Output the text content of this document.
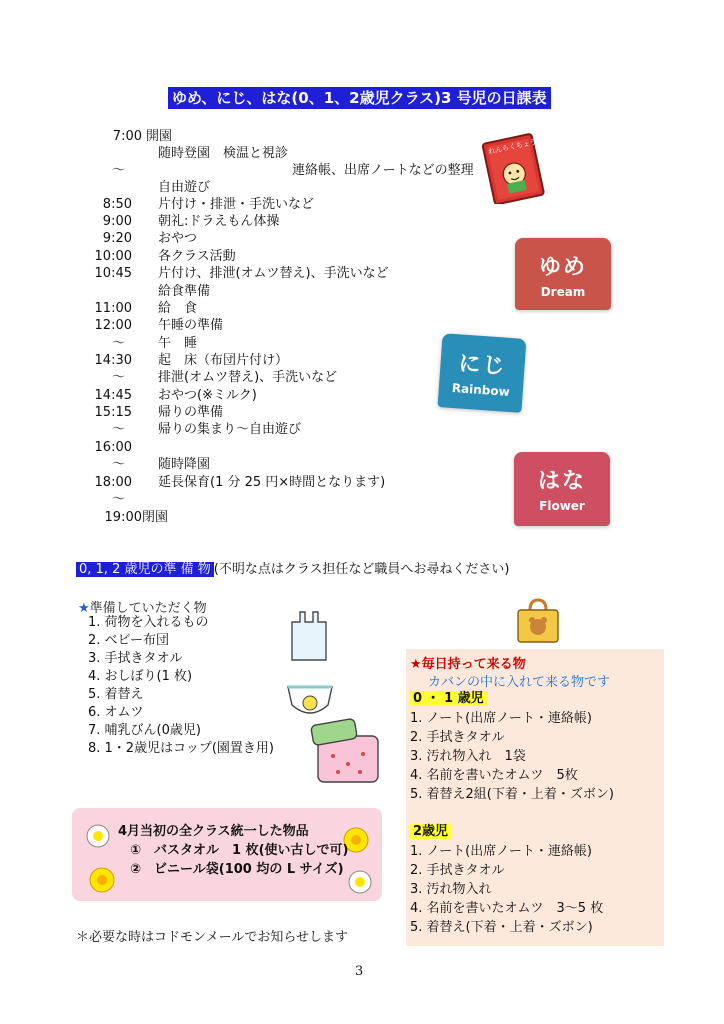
ゆめ、にじ、はな(0、1、2歳児クラス)3 号児の日課表
7:00 開園
随時登園　検温と視診
～	連絡帳、出席ノートなどの整理
自由遊び
8:50 片付け・排泄・手洗いなど
9:00 朝礼:ドラえもん体操
9:20 おやつ
10:00 各クラス活動
10:45 片付け、排泄(オムツ替え)、手洗いなど
給食準備
11:00 給　食
12:00 午睡の準備
～	午　睡
14:30 起　床（布団片付け）
～	排泄(オムツ替え)、手洗いなど
14:45 おやつ(※ミルク)
15:15 帰りの準備
～	帰りの集まり～自由遊び
16:00
～	随時降園
18:00 延長保育(1 分 25 円×時間となります)
～
19:00 閉園
れんらくちょう
ゆめ
Dream
にじ
Rainbow
はな
Flower
0, 1, 2 歳児の準 備 物 (不明な点はクラス担任など職員へお尋ねください)
★準備していただく物
1. 荷物を入れるもの
2. ベビー布団
3. 手拭きタオル
4. おしぼり(1 枚)
5. 着替え
6. オムツ
7. 哺乳びん(0歳児)
8. 1・2歳児はコップ(園置き用)
★毎日持って来る物
カバンの中に入れて来る物です
0 ・ 1 歳児
1. ノート(出席ノート・連絡帳)
2. 手拭きタオル
3. 汚れ物入れ　1袋
4. 名前を書いたオムツ　5枚
5. 着替え2組(下着・上着・ズボン)
2歳児
1. ノート(出席ノート・連絡帳)
2. 手拭きタオル
3. 汚れ物入れ
4. 名前を書いたオムツ　3～5 枚
5. 着替え(下着・上着・ズボン)
4月当初の全クラス統一した物品
①　バスタオル　1 枚(使い古しで可)
②　ビニール袋(100 均の L サイズ)
＊必要な時はコドモンメールでお知らせします
3
